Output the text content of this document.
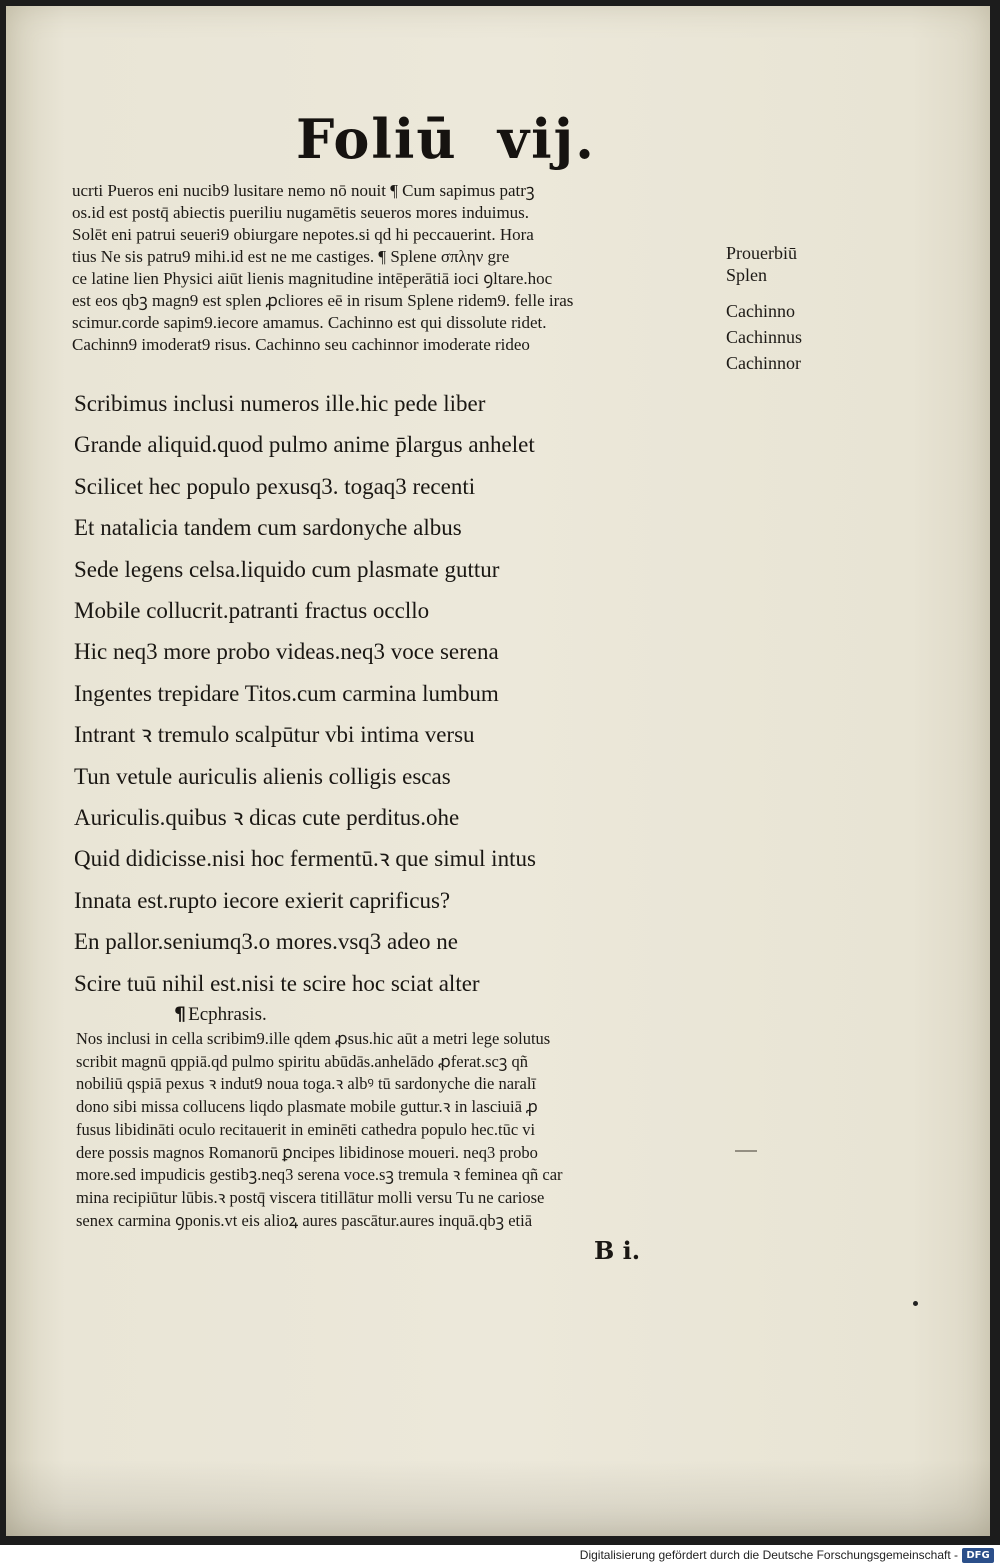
Foliū vij.

ucrti Pueros eni nucib9 lusitare nemo nō nouit ¶ Cum sapimus patrꝫ

os.id est postq̄ abiectis pueriliu nugamētis seueros mores induimus.

Solēt eni patrui seueri9 obiurgare nepotes.si qd hi peccauerint. Hora

tius Ne sis patru9 mihi.id est ne me castiges. ¶ Splene σπλην gre

ce latine lien Physici aiūt lienis magnitudine intēperātiā ioci ꝯltare.hoc

est eos qbꝫ magn9 est splen ꝓcliores eē in risum Splene ridem9. felle iras

scimur.corde sapim9.iecore amamus. Cachinno est qui dissolute ridet.

Cachinn9 imoderat9 risus. Cachinno seu cachinnor imoderate rideo

Prouerbiū
Splen
Cachinno
Cachinnus
Cachinnor
Scribimus inclusi numeros ille.hic pede liber
Grande aliquid.quod pulmo anime p̄largus anhelet
Scilicet hec populo pexusq3. togaq3 recenti
Et natalicia tandem cum sardonyche albus
Sede legens celsa.liquido cum plasmate guttur
Mobile collucrit.patranti fractus occllo
Hic neq3 more probo videas.neq3 voce serena
Ingentes trepidare Titos.cum carmina lumbum
Intrant ꝛ tremulo scalpūtur vbi intima versu
Tun vetule auriculis alienis colligis escas
Auriculis.quibus ꝛ dicas cute perditus.ohe
Quid didicisse.nisi hoc fermentū.ꝛ que simul intus
Innata est.rupto iecore exierit caprificus?
En pallor.seniumq3.o mores.vsq3 adeo ne
Scire tuū nihil est.nisi te scire hoc sciat alter
¶ Ecphrasis.

Nos inclusi in cella scribim9.ille qdem ꝓsus.hic aūt a metri lege solutus

scribit magnū qppiā.qd pulmo spiritu abūdās.anhelādo ꝓferat.scꝫ qñ

nobiliū qspiā pexus ꝛ indut9 noua toga.ꝛ albꝰ tū sardonyche die naralī

dono sibi missa collucens liqdo plasmate mobile guttur.ꝛ in lasciuiā ꝓ

fusus libidināti oculo recitauerit in eminēti cathedra populo hec.tūc vi

dere possis magnos Romanorū ꝑncipes libidinose moueri. neq3 probo

more.sed impudicis gestibꝫ.neq3 serena voce.sꝫ tremula ꝛ feminea qñ car

mina recipiūtur lūbis.ꝛ postq̄ viscera titillātur molli versu Tu ne cariose

senex carmina ꝯponis.vt eis alioꝝ aures pascātur.aures inquā.qbꝫ etiā

B i.
Digitalisierung gefördert durch die Deutsche Forschungsgemeinschaft - DFG
